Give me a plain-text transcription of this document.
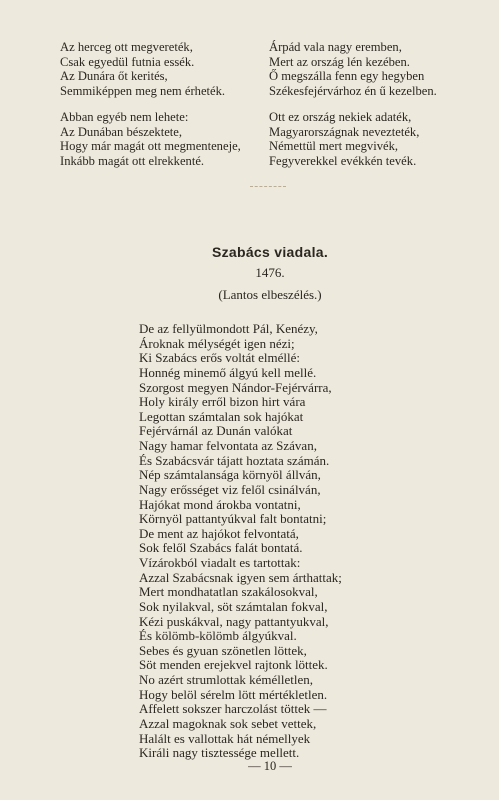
Az herceg ott megvereték,
Csak egyedül futnia essék.
Az Dunára őt kerités,
Semmiképpen meg nem érheték.
Árpád vala nagy eremben,
Mert az ország lén kezében.
Ő megszálla fenn egy hegyben
Székesfejérvárhoz én ű kezelben.
Abban egyéb nem lehete:
Az Dunában bészektete,
Hogy már magát ott megmenteneje,
Inkább magát ott elrekkenté.
Ott ez ország nekiek adaték,
Magyarországnak nevezteték,
Némettül mert megvivék,
Fegyverekkel evékkén tevék.
Szabács viadala.
1476.
(Lantos elbeszélés.)
De az fellyülmondott Pál, Kenézy,
Ároknak mélységét igen nézi;
Ki Szabács erős voltát elméllé:
Honnég minemő álgyú kell mellé.
Szorgost megyen Nándor-Fejérvárra,
Holy király erről bizon hirt vára
Legottan számtalan sok hajókat
Fejérvárnál az Dunán valókat
Nagy hamar felvontata az Szávan,
És Szabácsvár tájatt hoztata számán.
Nép számtalansága környöl állván,
Nagy erősséget viz felől csinálván,
Hajókat mond árokba vontatni,
Környöl pattantyúkval falt bontatni;
De ment az hajókot felvontatá,
Sok felől Szabács falát bontatá.
Vízárokból viadalt es tartottak:
Azzal Szabácsnak igyen sem árthattak;
Mert mondhatatlan szakálosokval,
Sok nyilakval, söt számtalan fokval,
Kézi puskákval, nagy pattantyukval,
És kölömb-kölömb álgyúkval.
Sebes és gyuan szönetlen löttek,
Söt menden erejekvel rajtonk löttek.
No azért strumlottak kémélletlen,
Hogy belöl sérelm lött mértékletlen.
Affelett sokszer harczolást töttek —
Azzal magoknak sok sebet vettek,
Halált es vallottak hát némellyek
Királi nagy tisztessége mellett.
— 10 —
